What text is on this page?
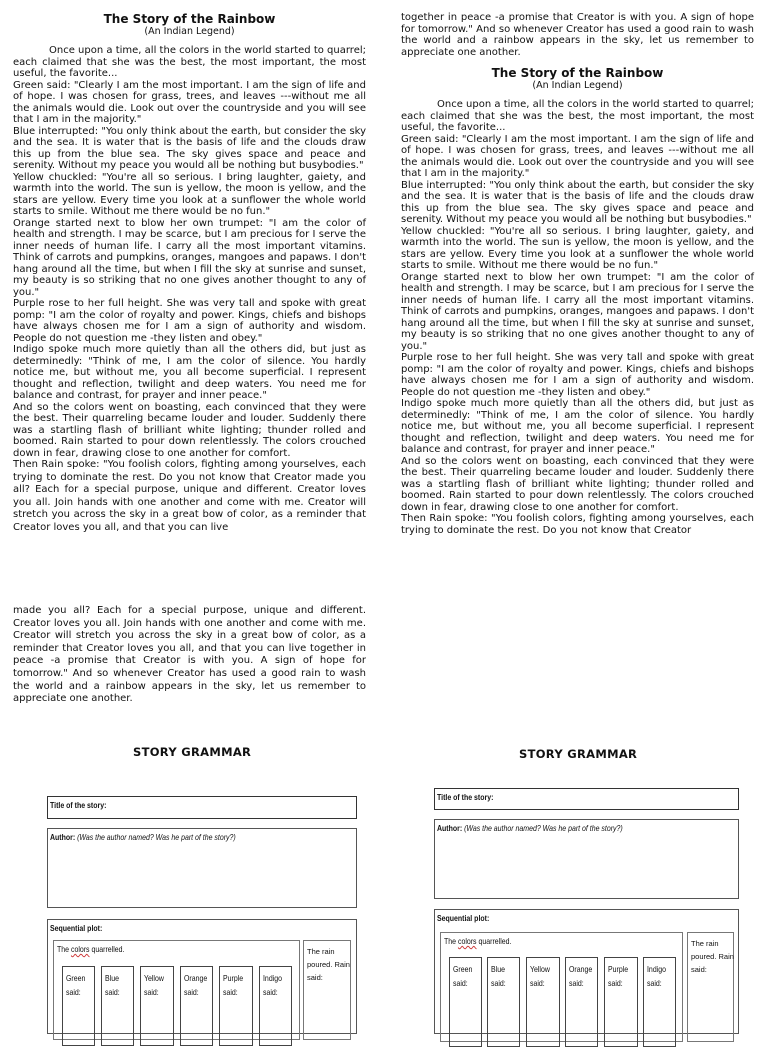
The Story of the Rainbow
(An Indian Legend)

Once upon a time, all the colors in the world started to quarrel; each claimed that she was the best, the most important, the most useful, the favorite...

Green said: "Clearly I am the most important. I am the sign of life and of hope. I was chosen for grass, trees, and leaves ---without me all the animals would die. Look out over the countryside and you will see that I am in the majority."

Blue interrupted: "You only think about the earth, but consider the sky and the sea. It is water that is the basis of life and the clouds draw this up from the blue sea. The sky gives space and peace and serenity. Without my peace you would all be nothing but busybodies."

Yellow chuckled: "You're all so serious. I bring laughter, gaiety, and warmth into the world. The sun is yellow, the moon is yellow, and the stars are yellow. Every time you look at a sunflower the whole world starts to smile. Without me there would be no fun."

Orange started next to blow her own trumpet: "I am the color of health and strength. I may be scarce, but I am precious for I serve the inner needs of human life. I carry all the most important vitamins. Think of carrots and pumpkins, oranges, mangoes and papaws. I don't hang around all the time, but when I fill the sky at sunrise and sunset, my beauty is so striking that no one gives another thought to any of you."

Purple rose to her full height. She was very tall and spoke with great pomp: "I am the color of royalty and power. Kings, chiefs and bishops have always chosen me for I am a sign of authority and wisdom. People do not question me -they listen and obey."

Indigo spoke much more quietly than all the others did, but just as determinedly: "Think of me, I am the color of silence. You hardly notice me, but without me, you all become superficial. I represent thought and reflection, twilight and deep waters. You need me for balance and contrast, for prayer and inner peace."

And so the colors went on boasting, each convinced that they were the best. Their quarreling became louder and louder. Suddenly there was a startling flash of brilliant white lighting; thunder rolled and boomed. Rain started to pour down relentlessly. The colors crouched down in fear, drawing close to one another for comfort.

Then Rain spoke: "You foolish colors, fighting among yourselves, each trying to dominate the rest. Do you not know that Creator made you all? Each for a special purpose, unique and different. Creator loves you all. Join hands with one another and come with me. Creator will stretch you across the sky in a great bow of color, as a reminder that Creator loves you all, and that you can live

together in peace -a promise that Creator is with you. A sign of hope for tomorrow." And so whenever Creator has used a good rain to wash the world and a rainbow appears in the sky, let us remember to appreciate one another.

The Story of the Rainbow
(An Indian Legend)

Once upon a time, all the colors in the world started to quarrel; each claimed that she was the best, the most important, the most useful, the favorite...

Green said: "Clearly I am the most important. I am the sign of life and of hope. I was chosen for grass, trees, and leaves ---without me all the animals would die. Look out over the countryside and you will see that I am in the majority."

Blue interrupted: "You only think about the earth, but consider the sky and the sea. It is water that is the basis of life and the clouds draw this up from the blue sea. The sky gives space and peace and serenity. Without my peace you would all be nothing but busybodies."

Yellow chuckled: "You're all so serious. I bring laughter, gaiety, and warmth into the world. The sun is yellow, the moon is yellow, and the stars are yellow. Every time you look at a sunflower the whole world starts to smile. Without me there would be no fun."

Orange started next to blow her own trumpet: "I am the color of health and strength. I may be scarce, but I am precious for I serve the inner needs of human life. I carry all the most important vitamins. Think of carrots and pumpkins, oranges, mangoes and papaws. I don't hang around all the time, but when I fill the sky at sunrise and sunset, my beauty is so striking that no one gives another thought to any of you."

Purple rose to her full height. She was very tall and spoke with great pomp: "I am the color of royalty and power. Kings, chiefs and bishops have always chosen me for I am a sign of authority and wisdom. People do not question me -they listen and obey."

Indigo spoke much more quietly than all the others did, but just as determinedly: "Think of me, I am the color of silence. You hardly notice me, but without me, you all become superficial. I represent thought and reflection, twilight and deep waters. You need me for balance and contrast, for prayer and inner peace."

And so the colors went on boasting, each convinced that they were the best. Their quarreling became louder and louder. Suddenly there was a startling flash of brilliant white lighting; thunder rolled and boomed. Rain started to pour down relentlessly. The colors crouched down in fear, drawing close to one another for comfort.

Then Rain spoke: "You foolish colors, fighting among yourselves, each trying to dominate the rest. Do you not know that Creator

made you all? Each for a special purpose, unique and different. Creator loves you all. Join hands with one another and come with me. Creator will stretch you across the sky in a great bow of color, as a reminder that Creator loves you all, and that you can live together in peace -a promise that Creator is with you. A sign of hope for tomorrow." And so whenever Creator has used a good rain to wash the world and a rainbow appears in the sky, let us remember to appreciate one another.
STORY GRAMMAR
Title of the story:
Author: (Was the author named? Was he part of the story?)
Sequential plot:
The colors quarrelled.
Green
said:
Blue
said:
Yellow
said:
Orange
said:
Purple
said:
Indigo
said:
The rain poured. Rain said:
STORY GRAMMAR
Title of the story:
Author: (Was the author named? Was he part of the story?)
Sequential plot:
The colors quarrelled.
Green
said:
Blue
said:
Yellow
said:
Orange
said:
Purple
said:
Indigo
said:
The rain poured. Rain said:
